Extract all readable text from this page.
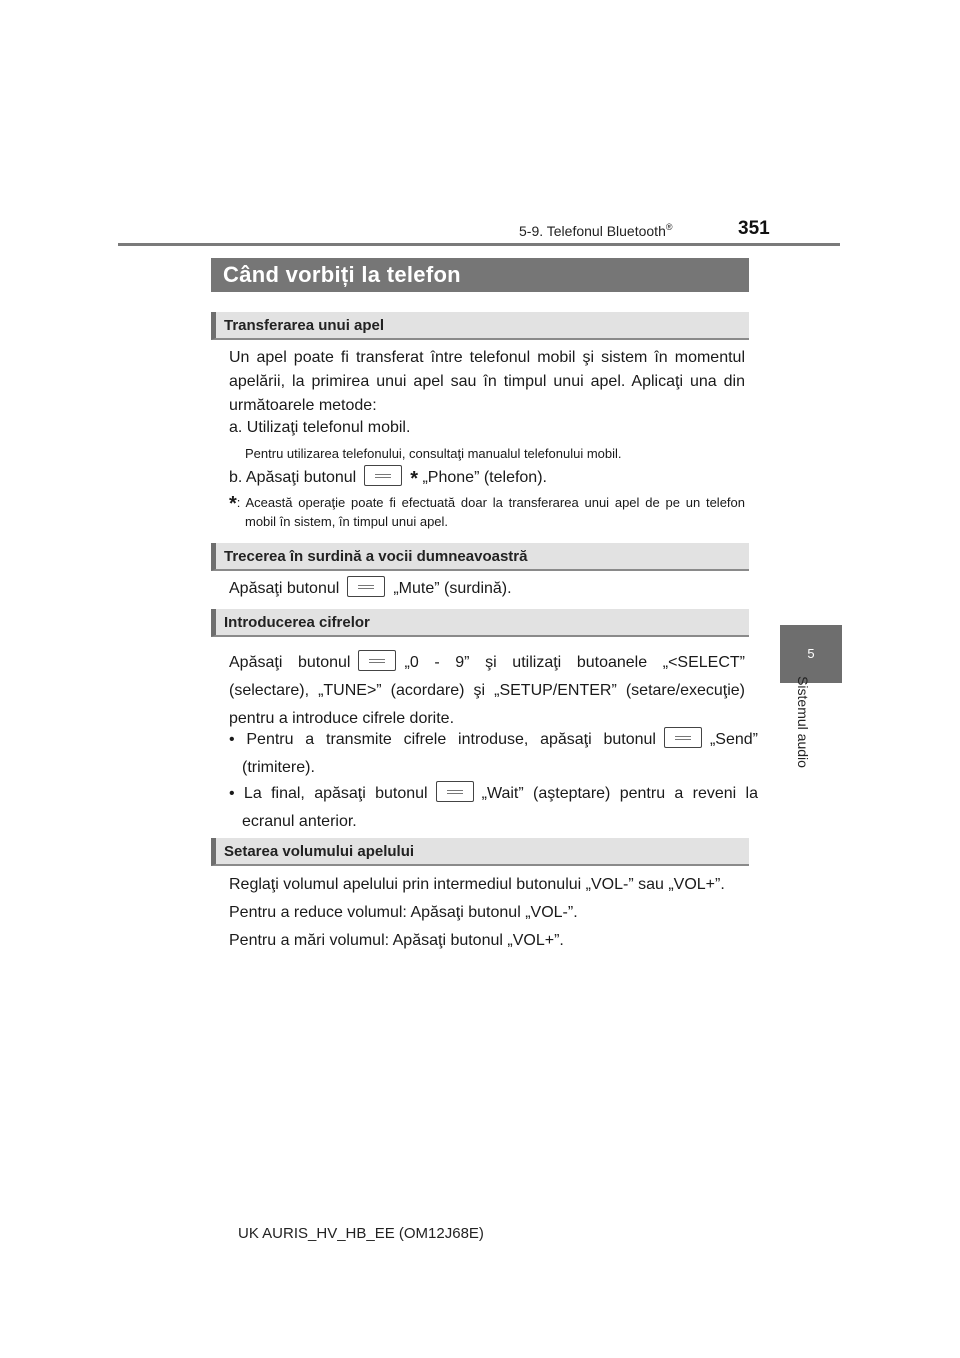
5-9. Telefonul Bluetooth®	351
5
Sistemul audio
Când vorbiți la telefon
Transferarea unui apel
Un apel poate fi transferat între telefonul mobil şi sistem în momentul apelării, la primirea unui apel sau în timpul unui apel. Aplicaţi una din următoarele metode:
a. Utilizaţi telefonul mobil.
Pentru utilizarea telefonului, consultaţi manualul telefonului mobil.
b. Apăsaţi butonul	* „Phone” (telefon).
*: Această operaţie poate fi efectuată doar la transferarea unui apel de pe un telefon mobil în sistem, în timpul unui apel.
Trecerea în surdină a vocii dumneavoastră
Apăsaţi butonul	„Mute” (surdină).
Introducerea cifrelor
Apăsaţi butonul	„0 - 9” şi utilizaţi butoanele „<SELECT” (selectare), „TUNE>” (acordare) şi „SETUP/ENTER” (setare/execuţie) pentru a introduce cifrele dorite.
• Pentru a transmite cifrele introduse, apăsaţi butonul	„Send” (trimitere).
• La final, apăsaţi butonul	„Wait” (aşteptare) pentru a reveni la ecranul anterior.
Setarea volumului apelului
Reglaţi volumul apelului prin intermediul butonului „VOL-” sau „VOL+”.
Pentru a reduce volumul: Apăsaţi butonul „VOL-”.
Pentru a mări volumul: Apăsaţi butonul „VOL+”.
UK AURIS_HV_HB_EE (OM12J68E)
